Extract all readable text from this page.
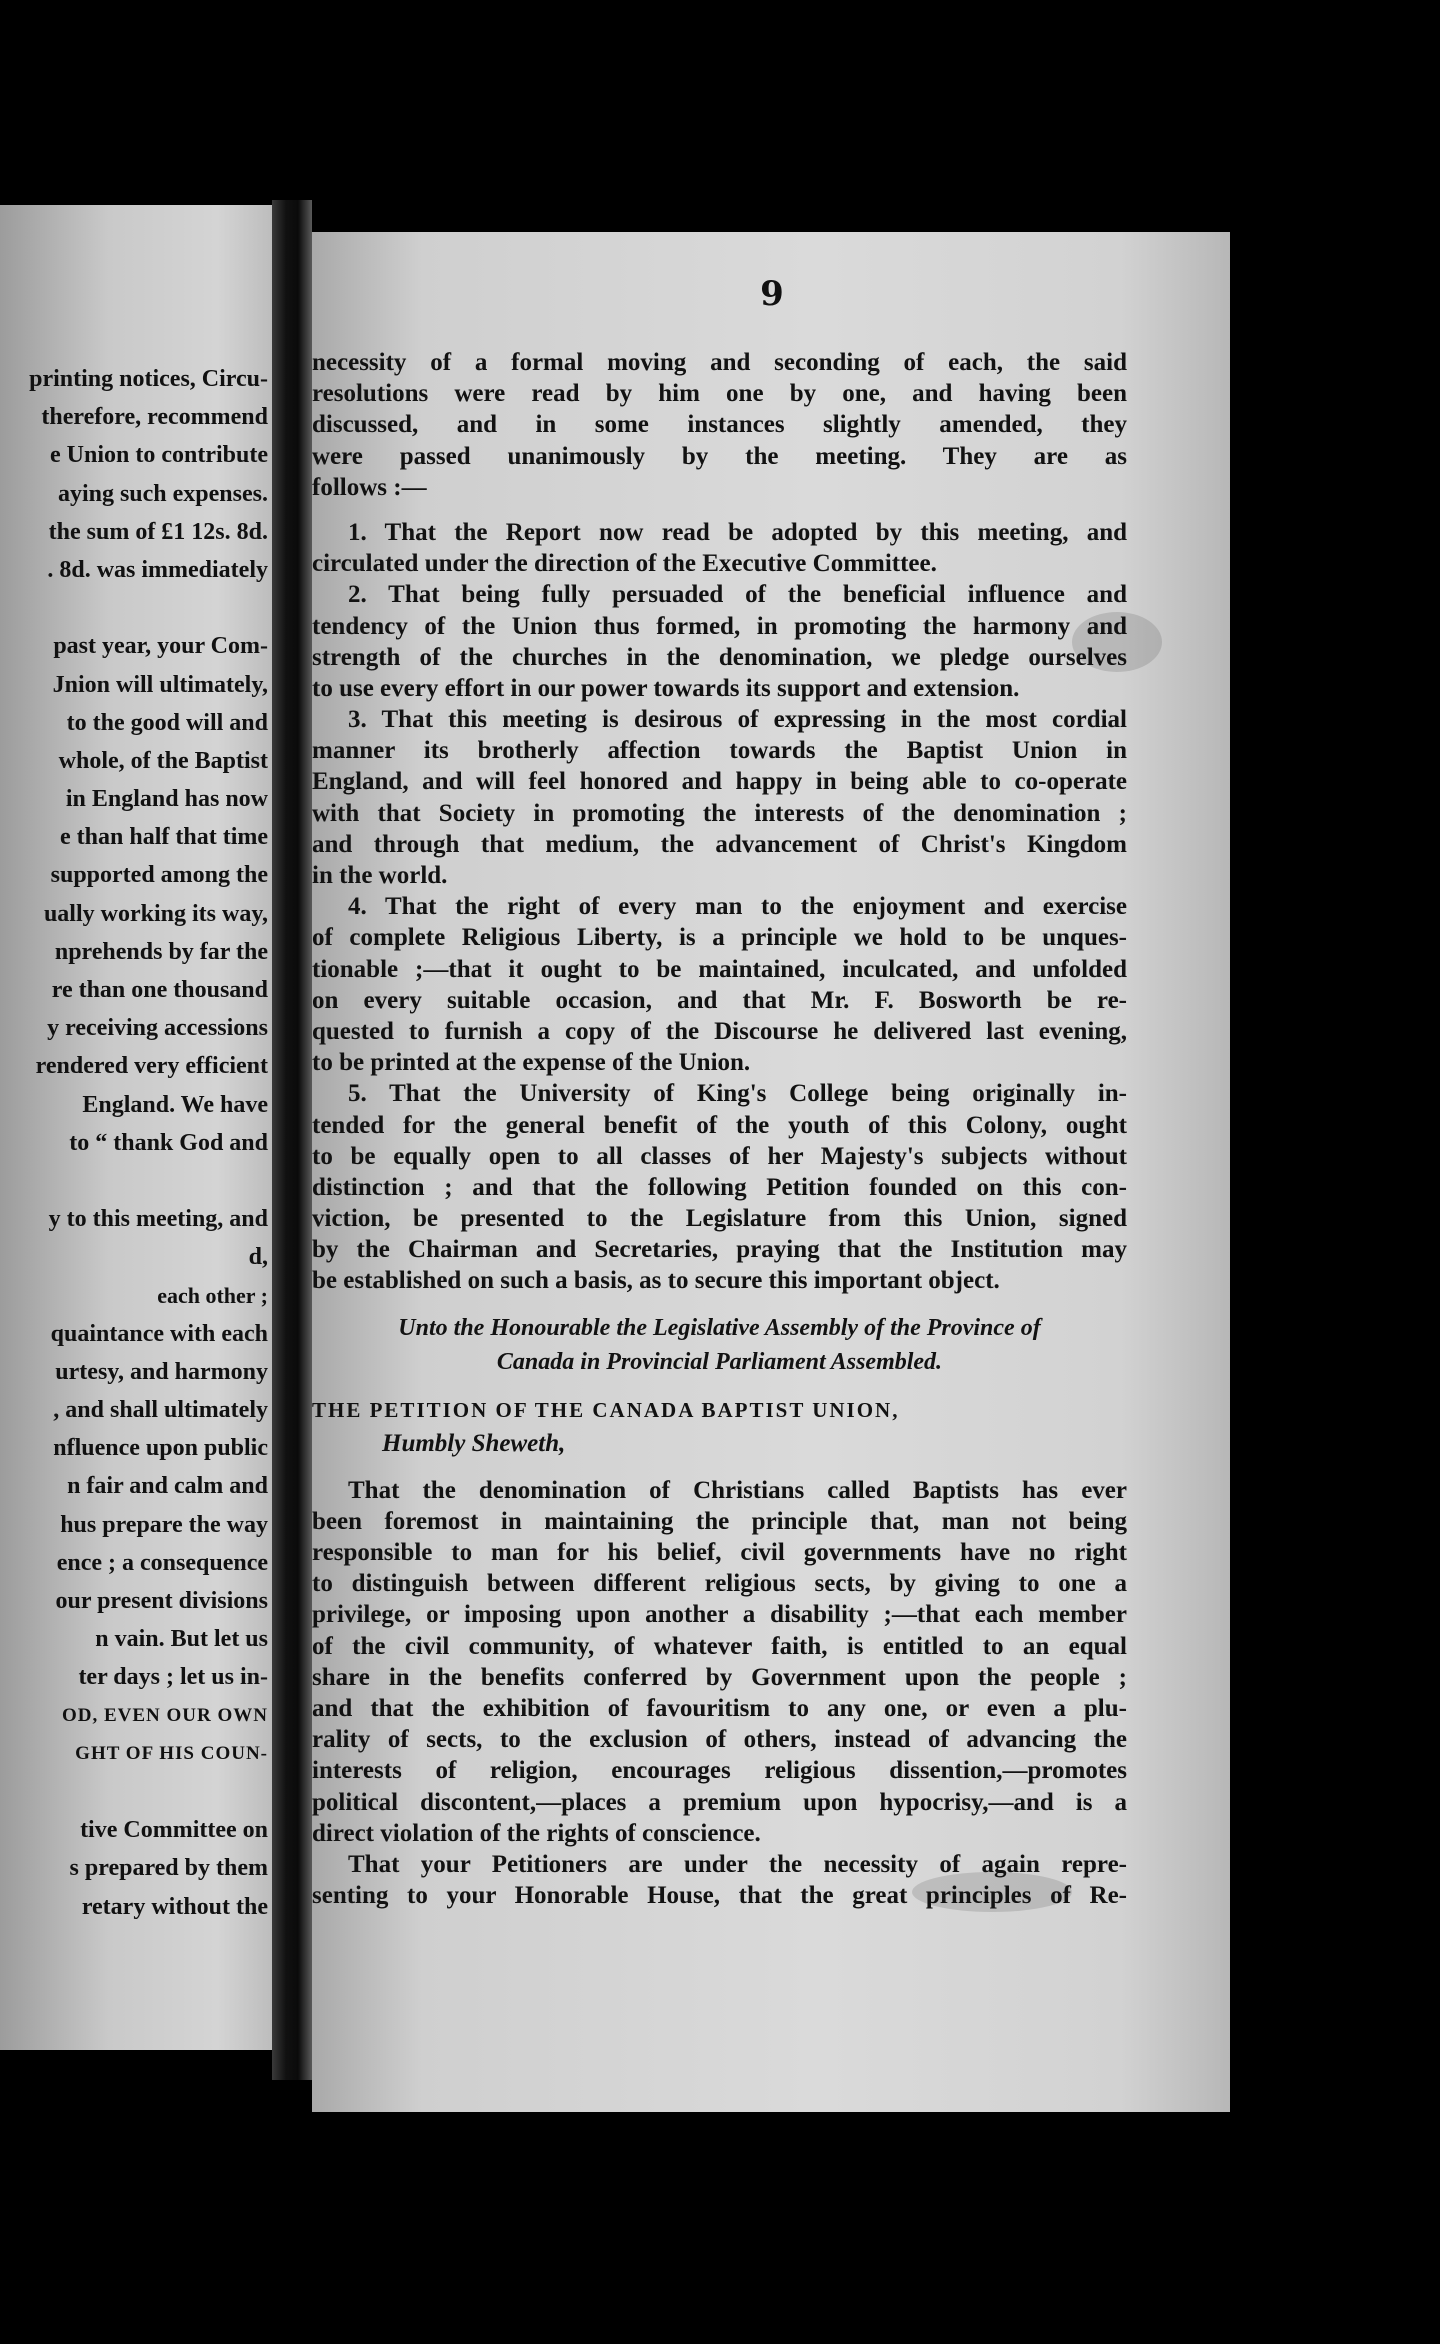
printing notices, Circu-
therefore, recommend
e Union to contribute
aying such expenses.
the sum of £1 12s. 8d.
. 8d. was immediately
past year, your Com-
Jnion will ultimately,
to the good will and
whole, of the Baptist
in England has now
e than half that time
supported among the
ually working its way,
nprehends by far the
re than one thousand
y receiving accessions
rendered very efficient
England. We have
to “ thank God and
y to this meeting, and
d,
each other ;
quaintance with each
urtesy, and harmony
, and shall ultimately
nfluence upon public
n fair and calm and
hus prepare the way
ence ; a consequence
our present divisions
n vain. But let us
ter days ; let us in-
OD, EVEN OUR OWN
GHT OF HIS COUN-
tive Committee on
s prepared by them
retary without the
9
necessity of a formal moving and seconding of each, the said
resolutions were read by him one by one, and having been
discussed, and in some instances slightly amended, they
were passed unanimously by the meeting. They are as
follows :—
1. That the Report now read be adopted by this meeting, and
circulated under the direction of the Executive Committee.
2. That being fully persuaded of the beneficial influence and
tendency of the Union thus formed, in promoting the harmony and
strength of the churches in the denomination, we pledge ourselves
to use every effort in our power towards its support and extension.
3. That this meeting is desirous of expressing in the most cordial
manner its brotherly affection towards the Baptist Union in
England, and will feel honored and happy in being able to co-operate
with that Society in promoting the interests of the denomination ;
and through that medium, the advancement of Christ's Kingdom
in the world.
4. That the right of every man to the enjoyment and exercise
of complete Religious Liberty, is a principle we hold to be unques-
tionable ;—that it ought to be maintained, inculcated, and unfolded
on every suitable occasion, and that Mr. F. Bosworth be re-
quested to furnish a copy of the Discourse he delivered last evening,
to be printed at the expense of the Union.
5. That the University of King's College being originally in-
tended for the general benefit of the youth of this Colony, ought
to be equally open to all classes of her Majesty's subjects without
distinction ; and that the following Petition founded on this con-
viction, be presented to the Legislature from this Union, signed
by the Chairman and Secretaries, praying that the Institution may
be established on such a basis, as to secure this important object.
Unto the Honourable the Legislative Assembly of the Province of
Canada in Provincial Parliament Assembled.
THE PETITION OF THE CANADA BAPTIST UNION,
Humbly Sheweth,
That the denomination of Christians called Baptists has ever
been foremost in maintaining the principle that, man not being
responsible to man for his belief, civil governments have no right
to distinguish between different religious sects, by giving to one a
privilege, or imposing upon another a disability ;—that each member
of the civil community, of whatever faith, is entitled to an equal
share in the benefits conferred by Government upon the people ;
and that the exhibition of favouritism to any one, or even a plu-
rality of sects, to the exclusion of others, instead of advancing the
interests of religion, encourages religious dissention,—promotes
political discontent,—places a premium upon hypocrisy,—and is a
direct violation of the rights of conscience.
That your Petitioners are under the necessity of again repre-
senting to your Honorable House, that the great principles of Re-
